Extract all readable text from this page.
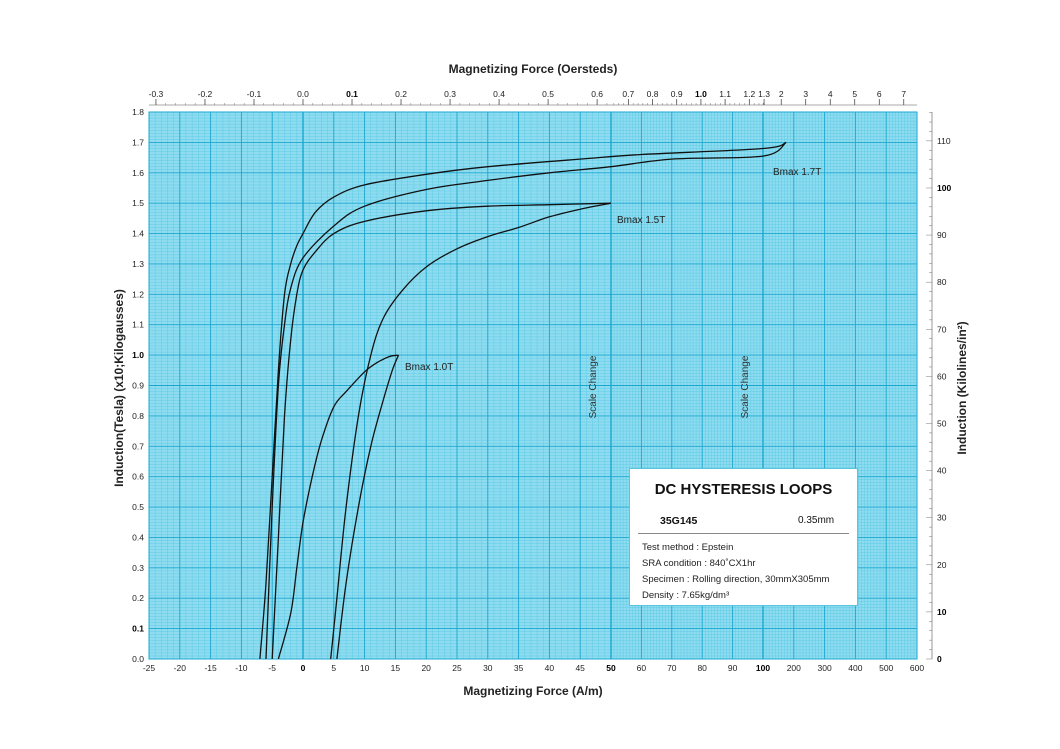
-25 -20 -15 -10 -5	0	5	10	15	20	25	30	35	40	45	50 60 70 80 90 100 200 300 400 500 600
-0.3	-0.2	-0.1	0.0	0.1	0.2	0.3	0.4	0.5	0.6 0.7 0.8 0.9 1.0 1.1 1.2 1.3 2 3 4 5 6 7
0.0
0.1
0.2
0.3
0.4
0.5
0.6
0.7
0.8
0.9
1.0
1.1
1.2
1.3
1.4
1.5
1.6
1.7
1.8
0
10
20
30
40
50
60
70
80
90
100
110
Magnetizing Force (A/m)
Magnetizing Force (Oersteds)
Induction(Tesla) (x10;Kilogausses)	Induction (Kilolines/in²)
Scale Change	Scale Change
Bmax 1.7T
Bmax 1.5T
Bmax 1.0T
DC HYSTERESIS LOOPS
35G145	0.35mm
Test method : Epstein
SRA condition : 840˚CX1hr
Specimen : Rolling direction, 30mmX305mm
Density : 7.65kg/dm³
